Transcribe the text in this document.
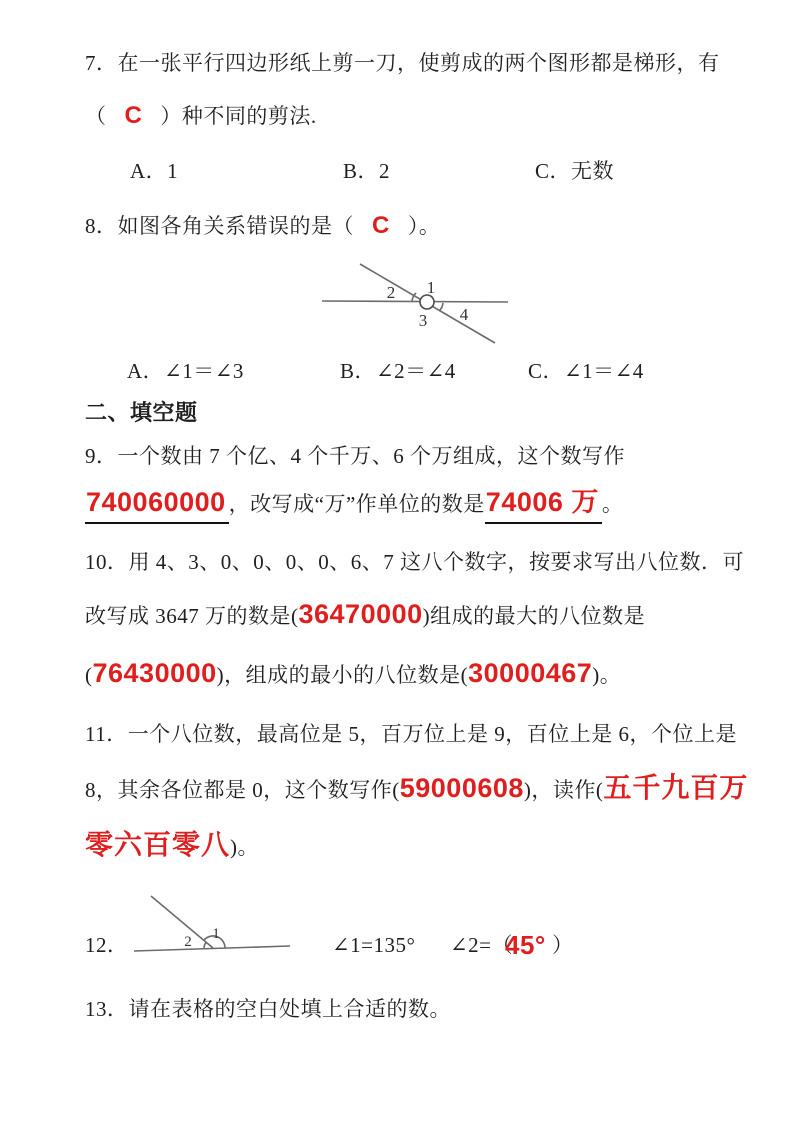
7．在一张平行四边形纸上剪一刀，使剪成的两个图形都是梯形，有
（ C ）种不同的剪法.
A．1	B．2	C．无数
8．如图各角关系错误的是（ C ）。
1
2
3 4
A．∠1＝∠3	B．∠2＝∠4	C．∠1＝∠4
二、填空题
9．一个数由 7 个亿、4 个千万、6 个万组成，这个数写作
740060000 ，改写成“万”作单位的数是74006 万 。
10．用 4、3、0、0、0、0、6、7 这八个数字，按要求写出八位数．可
改写成 3647 万的数是(36470000)组成的最大的八位数是
(76430000)，组成的最小的八位数是(30000467)。
11．一个八位数，最高位是 5，百万位上是 9，百位上是 6，个位上是
8，其余各位都是 0，这个数写作(59000608)，读作(五千九百万
零六百零八)。
2 1
12．	∠1=135° ∠2=（
45° ）
13．请在表格的空白处填上合适的数。
